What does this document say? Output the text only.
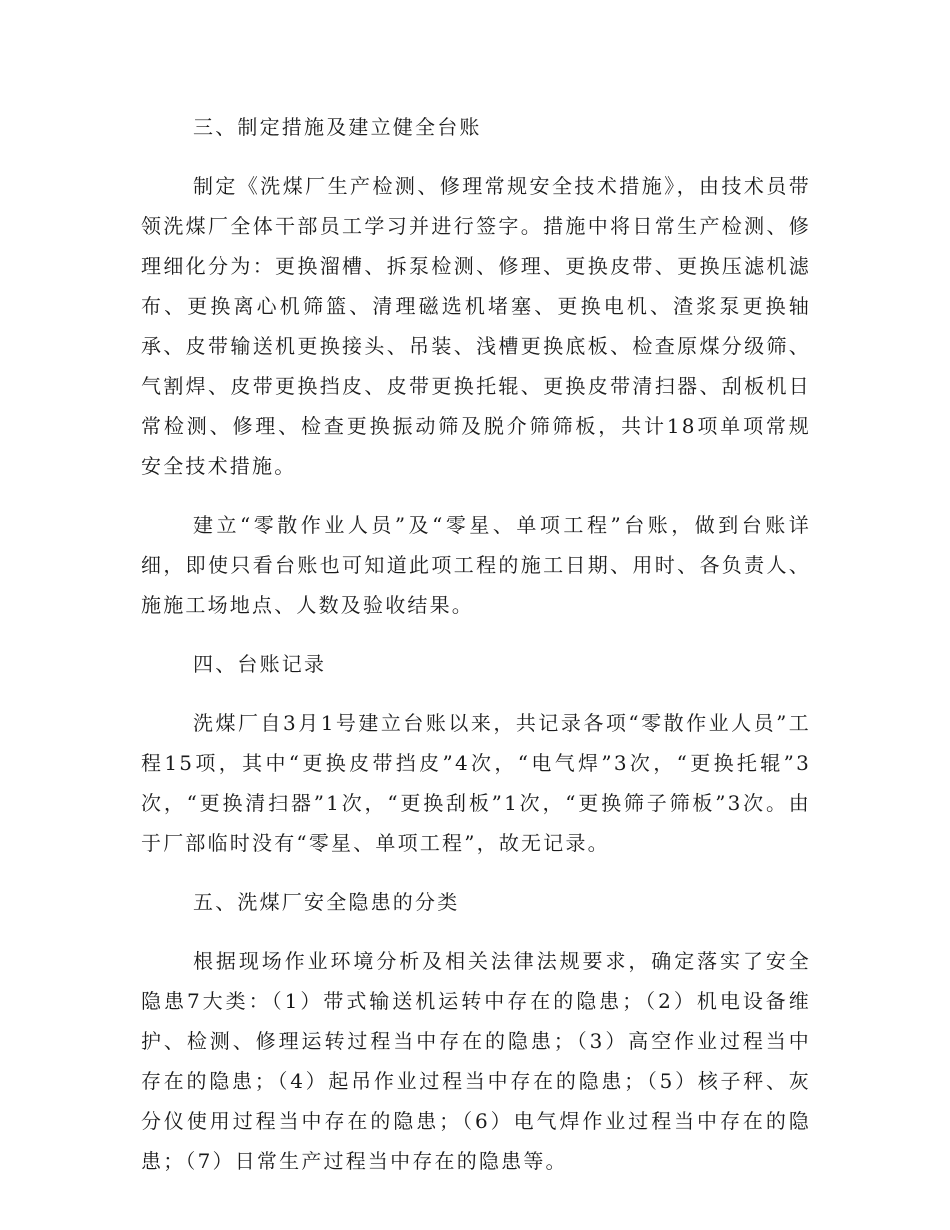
三、制定措施及建立健全台账

制定《洗煤厂生产检测、修理常规安全技术措施》，由技术员带领洗煤厂全体干部员工学习并进行签字。措施中将日常生产检测、修理细化分为：更换溜槽、拆泵检测、修理、更换皮带、更换压滤机滤布、更换离心机筛篮、清理磁选机堵塞、更换电机、渣浆泵更换轴承、皮带输送机更换接头、吊装、浅槽更换底板、检查原煤分级筛、气割焊、皮带更换挡皮、皮带更换托辊、更换皮带清扫器、刮板机日常检测、修理、检查更换振动筛及脱介筛筛板，共计18项单项常规安全技术措施。

建立“零散作业人员”及“零星、单项工程”台账，做到台账详细，即使只看台账也可知道此项工程的施工日期、用时、各负责人、施施工场地点、人数及验收结果。

四、台账记录

洗煤厂自3月1号建立台账以来，共记录各项“零散作业人员”工程15项，其中“更换皮带挡皮”4次，“电气焊”3次，“更换托辊”3次，“更换清扫器”1次，“更换刮板”1次，“更换筛子筛板”3次。由于厂部临时没有“零星、单项工程”，故无记录。

五、洗煤厂安全隐患的分类

根据现场作业环境分析及相关法律法规要求，确定落实了安全隐患7大类：（1）带式输送机运转中存在的隐患；（2）机电设备维护、检测、修理运转过程当中存在的隐患；（3）高空作业过程当中存在的隐患；（4）起吊作业过程当中存在的隐患；（5）核子秤、灰分仪使用过程当中存在的隐患；（6）电气焊作业过程当中存在的隐患；（7）日常生产过程当中存在的隐患等。
